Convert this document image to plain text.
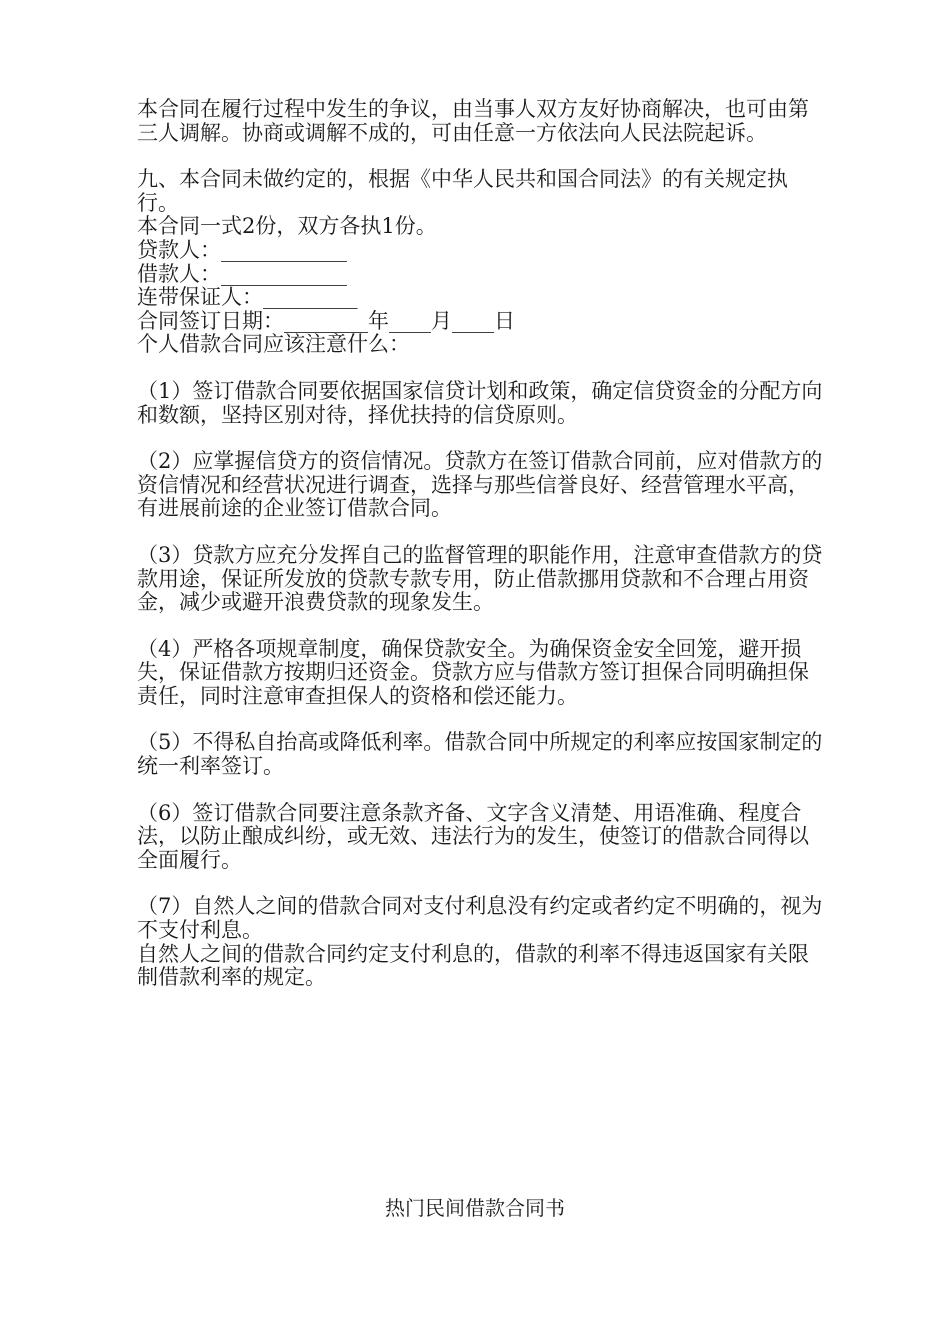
本合同在履行过程中发生的争议，由当事人双方友好协商解决，也可由第三人调解。协商或调解不成的，可由任意一方依法向人民法院起诉。

九、本合同未做约定的，根据《中华人民共和国合同法》的有关规定执行。

本合同一式2份，双方各执1份。

贷款人：____________

借款人：____________

连带保证人：_________

合同签订日期：________年____月____日

个人借款合同应该注意什么：

（1）签订借款合同要依据国家信贷计划和政策，确定信贷资金的分配方向和数额，坚持区别对待，择优扶持的信贷原则。

（2）应掌握信贷方的资信情况。贷款方在签订借款合同前，应对借款方的资信情况和经营状况进行调查，选择与那些信誉良好、经营管理水平高，有进展前途的企业签订借款合同。

（3）贷款方应充分发挥自己的监督管理的职能作用，注意审查借款方的贷款用途，保证所发放的贷款专款专用，防止借款挪用贷款和不合理占用资金，减少或避开浪费贷款的现象发生。

（4）严格各项规章制度，确保贷款安全。为确保资金安全回笼，避开损失，保证借款方按期归还资金。贷款方应与借款方签订担保合同明确担保责任，同时注意审查担保人的资格和偿还能力。

（5）不得私自抬高或降低利率。借款合同中所规定的利率应按国家制定的统一利率签订。

（6）签订借款合同要注意条款齐备、文字含义清楚、用语准确、程度合法，以防止酿成纠纷，或无效、违法行为的发生，使签订的借款合同得以全面履行。

（7）自然人之间的借款合同对支付利息没有约定或者约定不明确的，视为不支付利息。

自然人之间的借款合同约定支付利息的，借款的利率不得违返国家有关限制借款利率的规定。

热门民间借款合同书
